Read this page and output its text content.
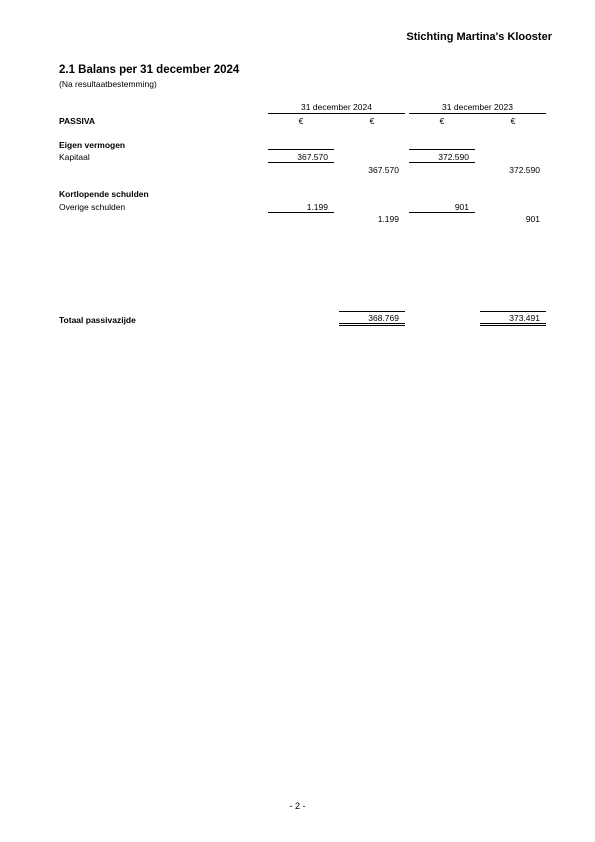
Stichting Martina's Klooster
2.1 Balans per 31 december 2024
(Na resultaatbestemming)
31 december 2024	31 december 2023
PASSIVA	€	€	€	€
Eigen vermogen
Kapitaal	367.570	372.590
367.570	372.590
Kortlopende schulden
Overige schulden	1.199	901
1.199	901
Totaal passivazijde	368.769	373.491
- 2 -
